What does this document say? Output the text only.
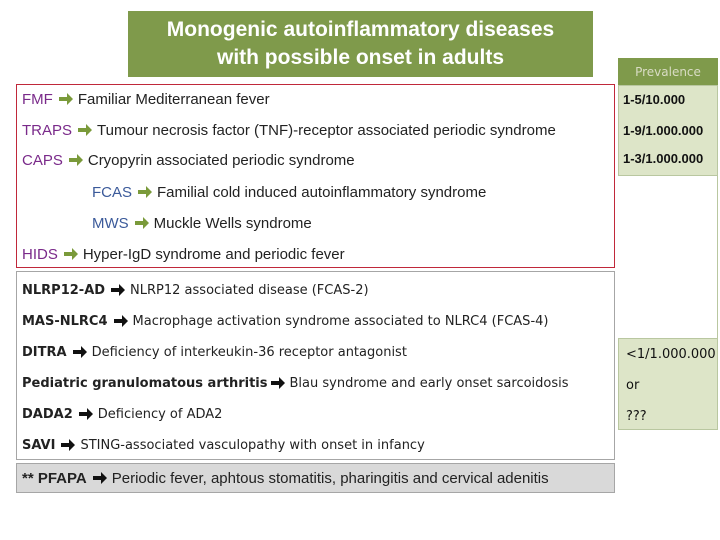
Monogenic autoinflammatory diseases
with possible onset in adults
Prevalence
FMF Familiar Mediterranean fever
TRAPS Tumour necrosis factor (TNF)-receptor associated periodic syndrome
CAPS Cryopyrin associated periodic syndrome
FCAS Familial cold induced autoinflammatory syndrome
MWS Muckle Wells syndrome
HIDS Hyper-IgD syndrome and periodic fever
NLRP12-AD NLRP12 associated disease (FCAS-2)
MAS-NLRC4 Macrophage activation syndrome associated to NLRC4 (FCAS-4)
DITRA Deficiency of interkeukin-36 receptor antagonist
Pediatric granulomatous arthritis Blau syndrome and early onset sarcoidosis
DADA2 Deficiency of ADA2
SAVI STING-associated vasculopathy with onset in infancy
** PFAPA Periodic fever, aphtous stomatitis, pharingitis and cervical adenitis
1-5/10.000
1-9/1.000.000
1-3/1.000.000
<1/1.000.000
or
???
